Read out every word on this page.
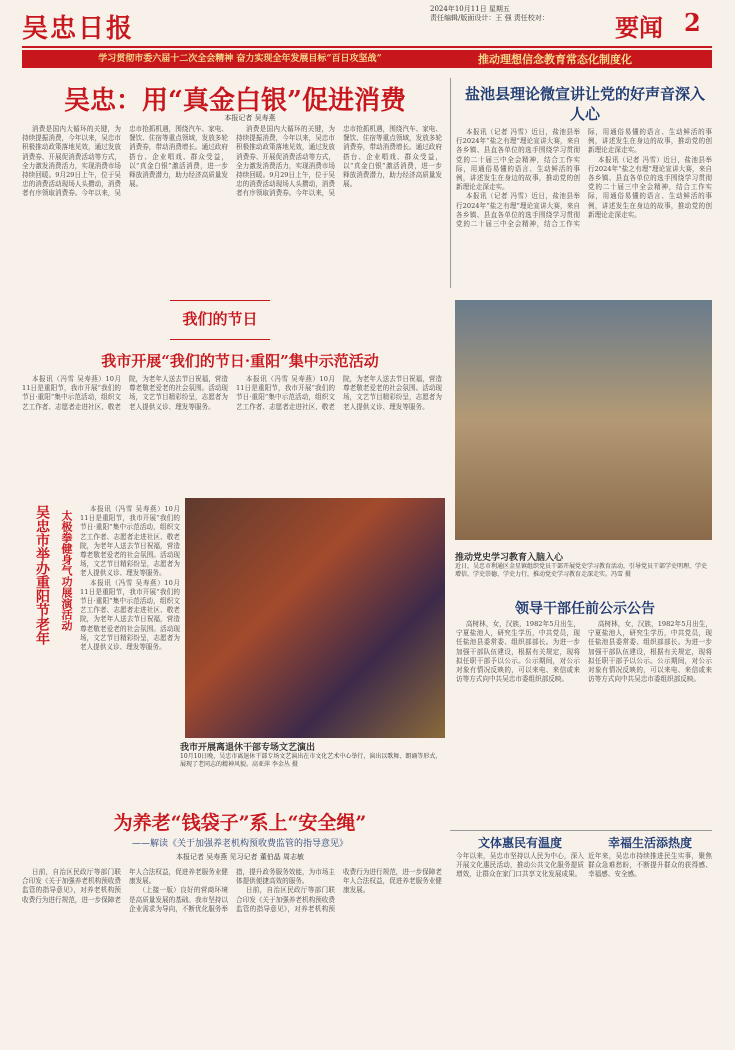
吴忠日报
2024年10月11日 星期五
责任编辑/版面设计：王 强 责任校对：	要闻 2
学习贯彻市委六届十二次全会精神 奋力实现全年发展目标“百日攻坚战”	推动理想信念教育常态化制度化
吴忠：用“真金白银”促进消费
本报记者 吴寿燕

消费是国内大循环的关键，为持续提振消费，今年以来，吴忠市积极推动政策落地见效，通过发放消费券、开展促消费活动等方式，全力激发消费活力，实现消费市场持续回暖。9月29日上午，位于吴忠的消费活动现场人头攒动，消费者有序领取消费券。今年以来，吴忠市抢抓机遇，围绕汽车、家电、餐饮、住宿等重点领域，发放多轮消费券，带动消费增长。通过政府搭台、企业唱戏、群众受益，以“真金白银”激活消费，进一步释放消费潜力，助力经济高质量发展。

消费是国内大循环的关键，为持续提振消费，今年以来，吴忠市积极推动政策落地见效，通过发放消费券、开展促消费活动等方式，全力激发消费活力，实现消费市场持续回暖。9月29日上午，位于吴忠的消费活动现场人头攒动，消费者有序领取消费券。今年以来，吴忠市抢抓机遇，围绕汽车、家电、餐饮、住宿等重点领域，发放多轮消费券，带动消费增长。通过政府搭台、企业唱戏、群众受益，以“真金白银”激活消费，进一步释放消费潜力，助力经济高质量发展。

盐池县理论微宣讲让党的好声音深入人心

本报讯（记者 冯雪）近日，盐池县举行2024年“盐之有理”理论宣讲大赛，来自各乡镇、县直各单位的选手围绕学习贯彻党的二十届三中全会精神，结合工作实际，用通俗易懂的语言、生动鲜活的事例，讲述发生在身边的故事，推动党的创新理论走深走实。

本报讯（记者 冯雪）近日，盐池县举行2024年“盐之有理”理论宣讲大赛，来自各乡镇、县直各单位的选手围绕学习贯彻党的二十届三中全会精神，结合工作实际，用通俗易懂的语言、生动鲜活的事例，讲述发生在身边的故事，推动党的创新理论走深走实。

本报讯（记者 冯雪）近日，盐池县举行2024年“盐之有理”理论宣讲大赛，来自各乡镇、县直各单位的选手围绕学习贯彻党的二十届三中全会精神，结合工作实际，用通俗易懂的语言、生动鲜活的事例，讲述发生在身边的故事，推动党的创新理论走深走实。

我们的节日
我市开展“我们的节日·重阳”集中示范活动

本报讯（冯雪 吴寿燕）10月11日是重阳节，我市开展“我们的节日·重阳”集中示范活动，组织文艺工作者、志愿者走进社区、敬老院，为老年人送去节日祝福，营造尊老敬老爱老的社会氛围。活动现场，文艺节目精彩纷呈，志愿者为老人提供义诊、理发等服务。

本报讯（冯雪 吴寿燕）10月11日是重阳节，我市开展“我们的节日·重阳”集中示范活动，组织文艺工作者、志愿者走进社区、敬老院，为老年人送去节日祝福，营造尊老敬老爱老的社会氛围。活动现场，文艺节目精彩纷呈，志愿者为老人提供义诊、理发等服务。

吴忠市举办重阳节老年 太极拳健身气功展演活动

本报讯（冯雪 吴寿燕）10月11日是重阳节，我市开展“我们的节日·重阳”集中示范活动，组织文艺工作者、志愿者走进社区、敬老院，为老年人送去节日祝福，营造尊老敬老爱老的社会氛围。活动现场，文艺节目精彩纷呈，志愿者为老人提供义诊、理发等服务。

本报讯（冯雪 吴寿燕）10月11日是重阳节，我市开展“我们的节日·重阳”集中示范活动，组织文艺工作者、志愿者走进社区、敬老院，为老年人送去节日祝福，营造尊老敬老爱老的社会氛围。活动现场，文艺节目精彩纷呈，志愿者为老人提供义诊、理发等服务。

我市开展离退休干部专场文艺演出
10月10日晚，吴忠市离退休干部专场文艺演出在市文化艺术中心举行，演出以歌舞、朗诵等形式，展现了老同志的精神风貌。高亚萍 李金丛 摄
推动党史学习教育入脑入心
近日，吴忠市利通区金星镇组织党员干部开展党史学习教育活动，引导党员干部学史明理、学史增信、学史崇德、学史力行，推动党史学习教育走深走实。冯雪 摄
领导干部任前公示公告

高树林，女，汉族，1982年5月出生，宁夏盐池人，研究生学历，中共党员，现任盐池县委常委、组织部部长。为进一步加强干部队伍建设，根据有关规定，现将拟任职干部予以公示。公示期间，对公示对象有情况反映的，可以来电、来信或来访等方式向中共吴忠市委组织部反映。

高树林，女，汉族，1982年5月出生，宁夏盐池人，研究生学历，中共党员，现任盐池县委常委、组织部部长。为进一步加强干部队伍建设，根据有关规定，现将拟任职干部予以公示。公示期间，对公示对象有情况反映的，可以来电、来信或来访等方式向中共吴忠市委组织部反映。

为养老“钱袋子”系上“安全绳”
——解读《关于加强养老机构预收费监管的指导意见》
本报记者 吴寿燕 见习记者 董伯晶 周志敏

日前，自治区民政厅等部门联合印发《关于加强养老机构预收费监管的指导意见》，对养老机构预收费行为进行规范，进一步保障老年人合法权益，促进养老服务业健康发展。

（上接一版）良好的营商环境是高质量发展的基础。我市坚持以企业需求为导向，不断优化服务举措，提升政务服务效能，为市场主体提供便捷高效的服务。

日前，自治区民政厅等部门联合印发《关于加强养老机构预收费监管的指导意见》，对养老机构预收费行为进行规范，进一步保障老年人合法权益，促进养老服务业健康发展。

文体惠民有温度
今年以来，吴忠市坚持以人民为中心，深入开展文化惠民活动，推动公共文化服务提质增效，让群众在家门口共享文化发展成果。
幸福生活添热度
近年来，吴忠市持续推进民生实事，聚焦群众急难愁盼，不断提升群众的获得感、幸福感、安全感。
